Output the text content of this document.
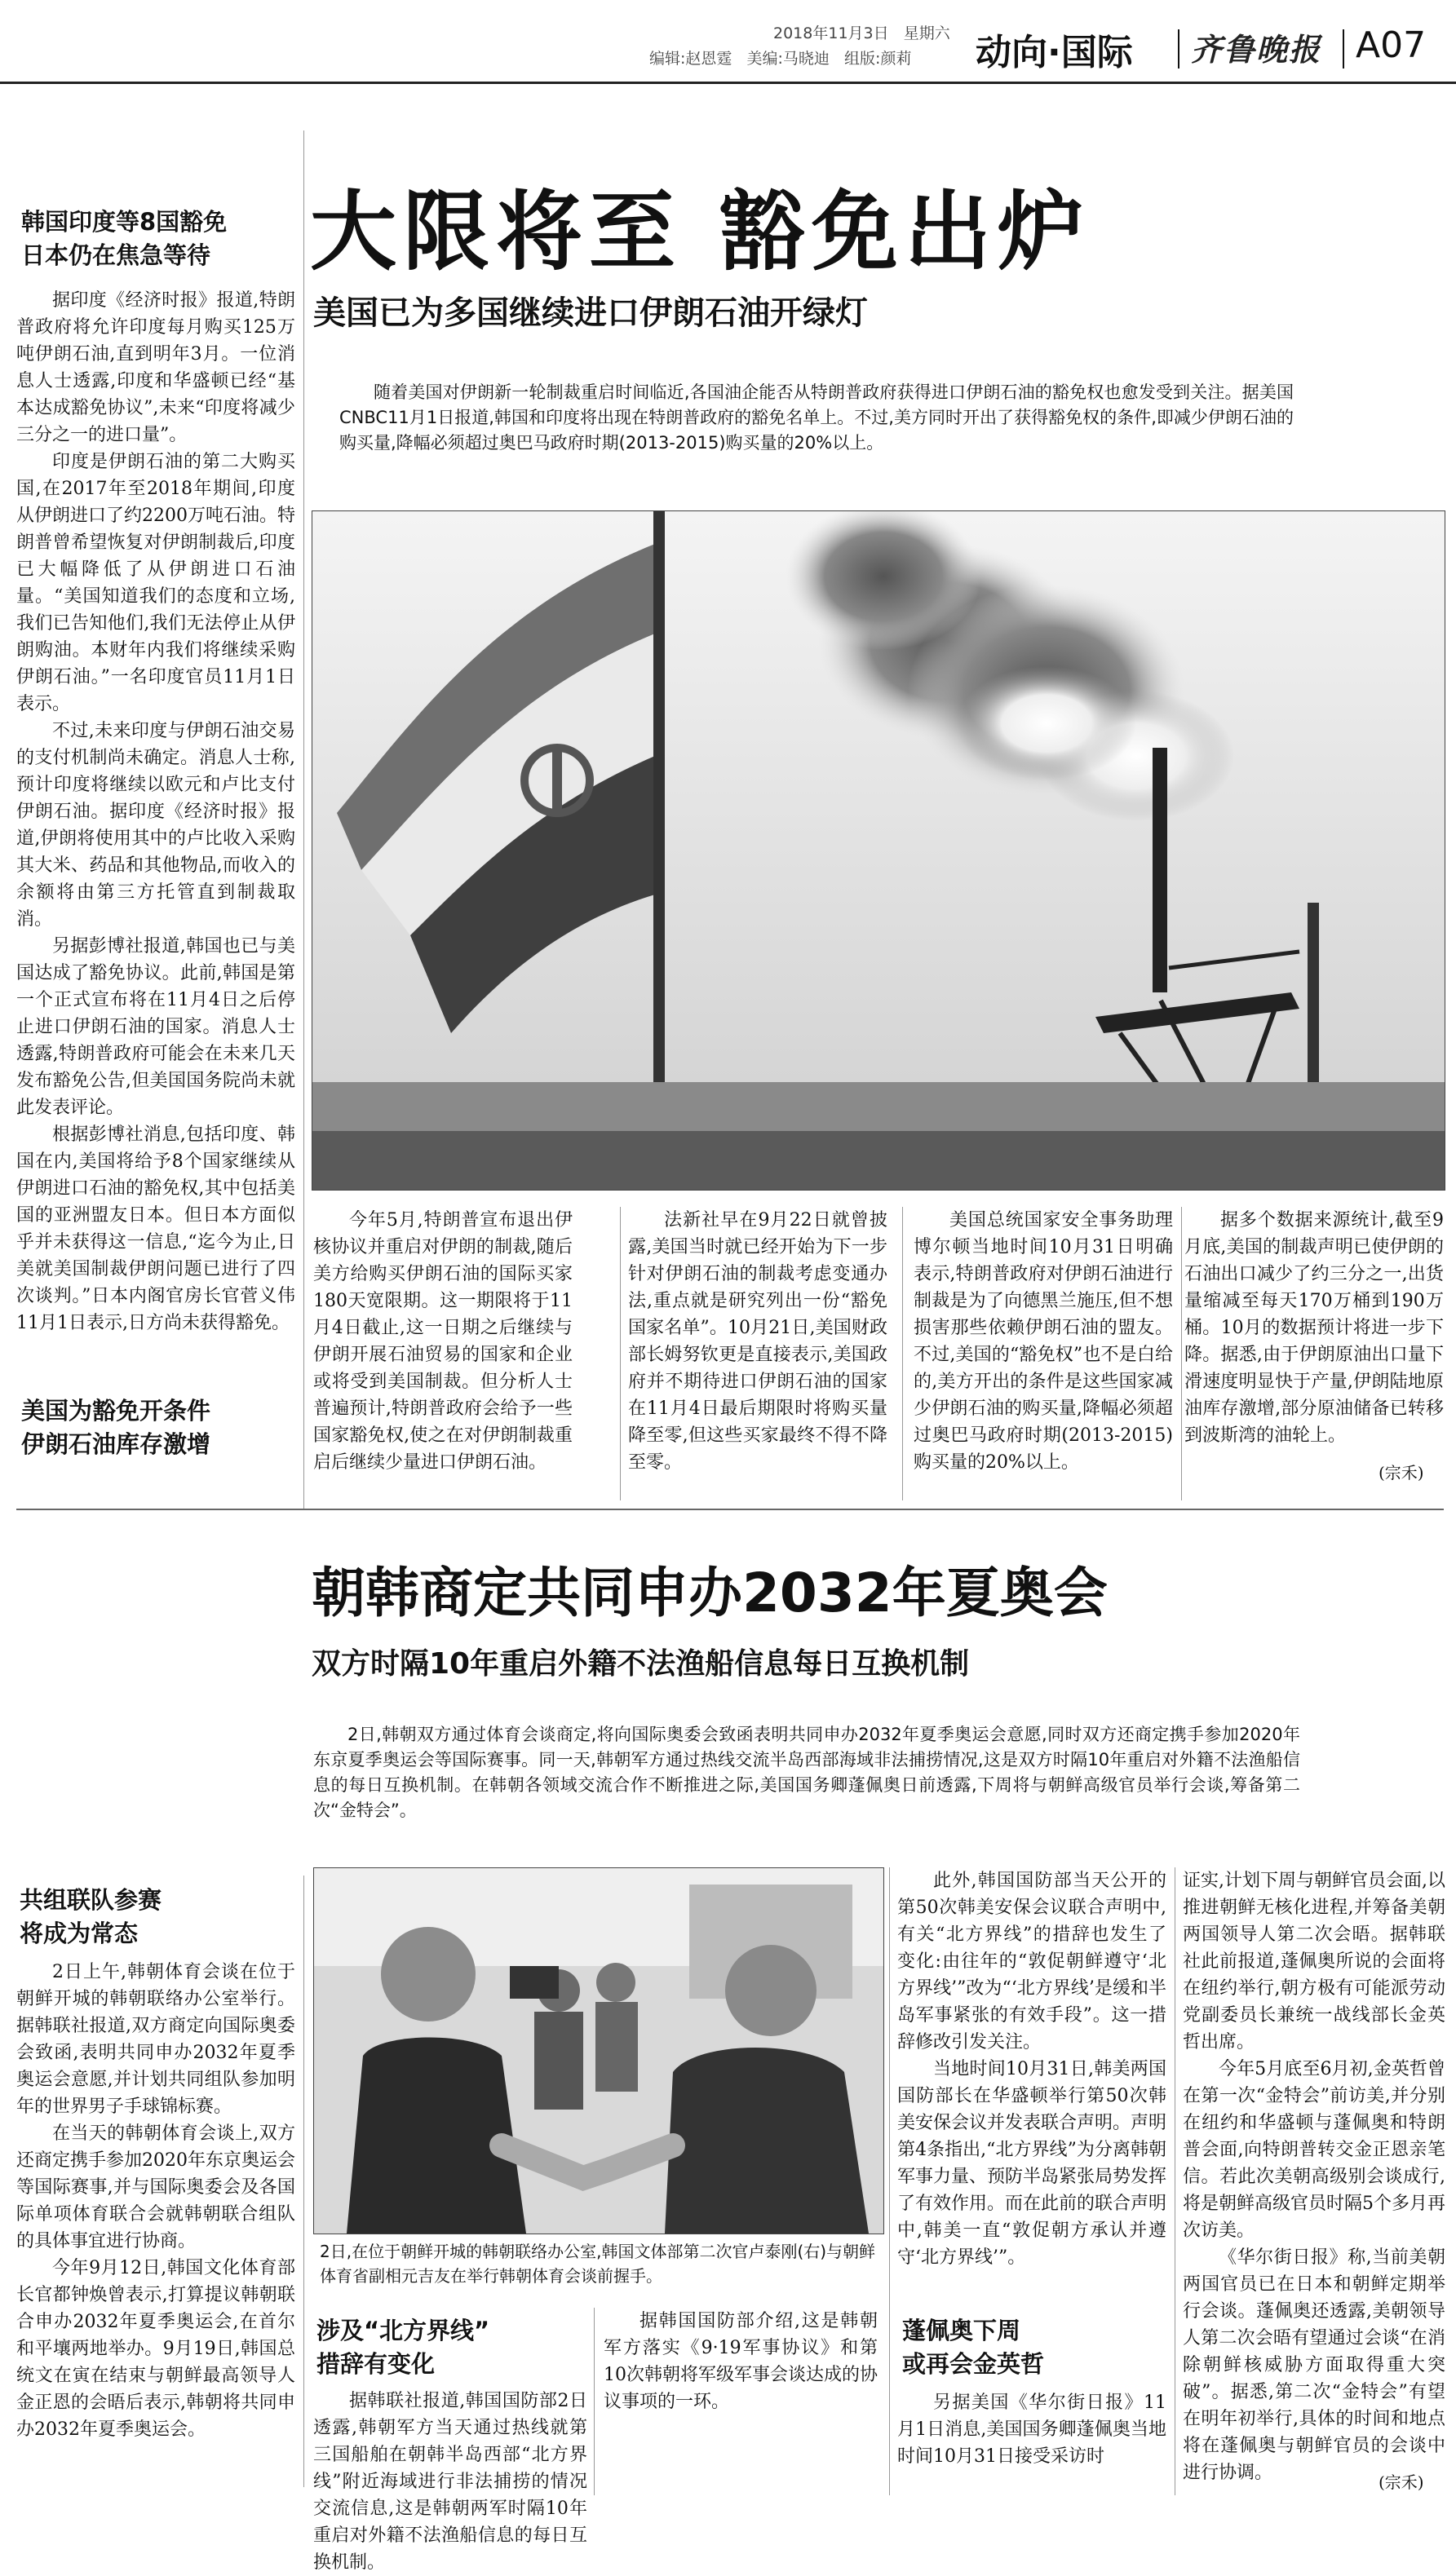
2018年11月3日 星期六
编辑:赵恩霆   美编:马晓迪   组版:颜莉 动向·国际 齐鲁晚报 A07
大限将至 豁免出炉
美国已为多国继续进口伊朗石油开绿灯

随着美国对伊朗新一轮制裁重启时间临近,各国油企能否从特朗普政府获得进口伊朗石油的豁免权也愈发受到关注。据美国CNBC11月1日报道,韩国和印度将出现在特朗普政府的豁免名单上。不过,美方同时开出了获得豁免权的条件,即减少伊朗石油的购买量,降幅必须超过奥巴马政府时期(2013-2015)购买量的20%以上。

韩国印度等8国豁免
日本仍在焦急等待

据印度《经济时报》报道,特朗普政府将允许印度每月购买125万吨伊朗石油,直到明年3月。一位消息人士透露,印度和华盛顿已经“基本达成豁免协议”,未来“印度将减少三分之一的进口量”。

印度是伊朗石油的第二大购买国,在2017年至2018年期间,印度从伊朗进口了约2200万吨石油。特朗普曾希望恢复对伊朗制裁后,印度已大幅降低了从伊朗进口石油量。“美国知道我们的态度和立场,我们已告知他们,我们无法停止从伊朗购油。本财年内我们将继续采购伊朗石油。”一名印度官员11月1日表示。

不过,未来印度与伊朗石油交易的支付机制尚未确定。消息人士称,预计印度将继续以欧元和卢比支付伊朗石油。据印度《经济时报》报道,伊朗将使用其中的卢比收入采购其大米、药品和其他物品,而收入的余额将由第三方托管直到制裁取消。

另据彭博社报道,韩国也已与美国达成了豁免协议。此前,韩国是第一个正式宣布将在11月4日之后停止进口伊朗石油的国家。消息人士透露,特朗普政府可能会在未来几天发布豁免公告,但美国国务院尚未就此发表评论。

根据彭博社消息,包括印度、韩国在内,美国将给予8个国家继续从伊朗进口石油的豁免权,其中包括美国的亚洲盟友日本。但日本方面似乎并未获得这一信息,“迄今为止,日美就美国制裁伊朗问题已进行了四次谈判。”日本内阁官房长官菅义伟11月1日表示,日方尚未获得豁免。

美国为豁免开条件
伊朗石油库存激增

今年5月,特朗普宣布退出伊核协议并重启对伊朗的制裁,随后美方给购买伊朗石油的国际买家180天宽限期。这一期限将于11月4日截止,这一日期之后继续与伊朗开展石油贸易的国家和企业或将受到美国制裁。但分析人士普遍预计,特朗普政府会给予一些国家豁免权,使之在对伊朗制裁重启后继续少量进口伊朗石油。

法新社早在9月22日就曾披露,美国当时就已经开始为下一步针对伊朗石油的制裁考虑变通办法,重点就是研究列出一份“豁免国家名单”。10月21日,美国财政部长姆努钦更是直接表示,美国政府并不期待进口伊朗石油的国家在11月4日最后期限时将购买量降至零,但这些买家最终不得不降至零。

美国总统国家安全事务助理博尔顿当地时间10月31日明确表示,特朗普政府对伊朗石油进行制裁是为了向德黑兰施压,但不想损害那些依赖伊朗石油的盟友。不过,美国的“豁免权”也不是白给的,美方开出的条件是这些国家减少伊朗石油的购买量,降幅必须超过奥巴马政府时期(2013-2015)购买量的20%以上。

据多个数据来源统计,截至9月底,美国的制裁声明已使伊朗的石油出口减少了约三分之一,出货量缩减至每天170万桶到190万桶。10月的数据预计将进一步下降。据悉,由于伊朗原油出口量下滑速度明显快于产量,伊朗陆地原油库存激增,部分原油储备已转移到波斯湾的油轮上。

(宗禾)
朝韩商定共同申办2032年夏奥会
双方时隔10年重启外籍不法渔船信息每日互换机制

2日,韩朝双方通过体育会谈商定,将向国际奥委会致函表明共同申办2032年夏季奥运会意愿,同时双方还商定携手参加2020年东京夏季奥运会等国际赛事。同一天,韩朝军方通过热线交流半岛西部海域非法捕捞情况,这是双方时隔10年重启对外籍不法渔船信息的每日互换机制。在韩朝各领域交流合作不断推进之际,美国国务卿蓬佩奥日前透露,下周将与朝鲜高级官员举行会谈,筹备第二次“金特会”。

共组联队参赛
将成为常态

2日上午,韩朝体育会谈在位于朝鲜开城的韩朝联络办公室举行。据韩联社报道,双方商定向国际奥委会致函,表明共同申办2032年夏季奥运会意愿,并计划共同组队参加明年的世界男子手球锦标赛。

在当天的韩朝体育会谈上,双方还商定携手参加2020年东京奥运会等国际赛事,并与国际奥委会及各国际单项体育联合会就韩朝联合组队的具体事宜进行协商。

今年9月12日,韩国文化体育部长官都钟焕曾表示,打算提议韩朝联合申办2032年夏季奥运会,在首尔和平壤两地举办。9月19日,韩国总统文在寅在结束与朝鲜最高领导人金正恩的会晤后表示,韩朝将共同申办2032年夏季奥运会。

2日,在位于朝鲜开城的韩朝联络办公室,韩国文体部第二次官卢泰刚(右)与朝鲜体育省副相元吉友在举行韩朝体育会谈前握手。
涉及“北方界线”
措辞有变化

据韩联社报道,韩国国防部2日透露,韩朝军方当天通过热线就第三国船舶在朝韩半岛西部“北方界线”附近海域进行非法捕捞的情况交流信息,这是韩朝两军时隔10年重启对外籍不法渔船信息的每日互换机制。

据韩国国防部介绍,这是韩朝军方落实《9·19军事协议》和第10次韩朝将军级军事会谈达成的协议事项的一环。

此外,韩国国防部当天公开的第50次韩美安保会议联合声明中,有关“北方界线”的措辞也发生了变化:由往年的“敦促朝鲜遵守‘北方界线’”改为“‘北方界线’是缓和半岛军事紧张的有效手段”。这一措辞修改引发关注。

当地时间10月31日,韩美两国国防部长在华盛顿举行第50次韩美安保会议并发表联合声明。声明第4条指出,“北方界线”为分离韩朝军事力量、预防半岛紧张局势发挥了有效作用。而在此前的联合声明中,韩美一直“敦促朝方承认并遵守‘北方界线’”。

蓬佩奥下周
或再会金英哲

另据美国《华尔街日报》11月1日消息,美国国务卿蓬佩奥当地时间10月31日接受采访时

证实,计划下周与朝鲜官员会面,以推进朝鲜无核化进程,并筹备美朝两国领导人第二次会晤。据韩联社此前报道,蓬佩奥所说的会面将在纽约举行,朝方极有可能派劳动党副委员长兼统一战线部长金英哲出席。

今年5月底至6月初,金英哲曾在第一次“金特会”前访美,并分别在纽约和华盛顿与蓬佩奥和特朗普会面,向特朗普转交金正恩亲笔信。若此次美朝高级别会谈成行,将是朝鲜高级官员时隔5个多月再次访美。

《华尔街日报》称,当前美朝两国官员已在日本和朝鲜定期举行会谈。蓬佩奥还透露,美朝领导人第二次会晤有望通过会谈“在消除朝鲜核威胁方面取得重大突破”。据悉,第二次“金特会”有望在明年初举行,具体的时间和地点将在蓬佩奥与朝鲜官员的会谈中进行协调。	(宗禾)
